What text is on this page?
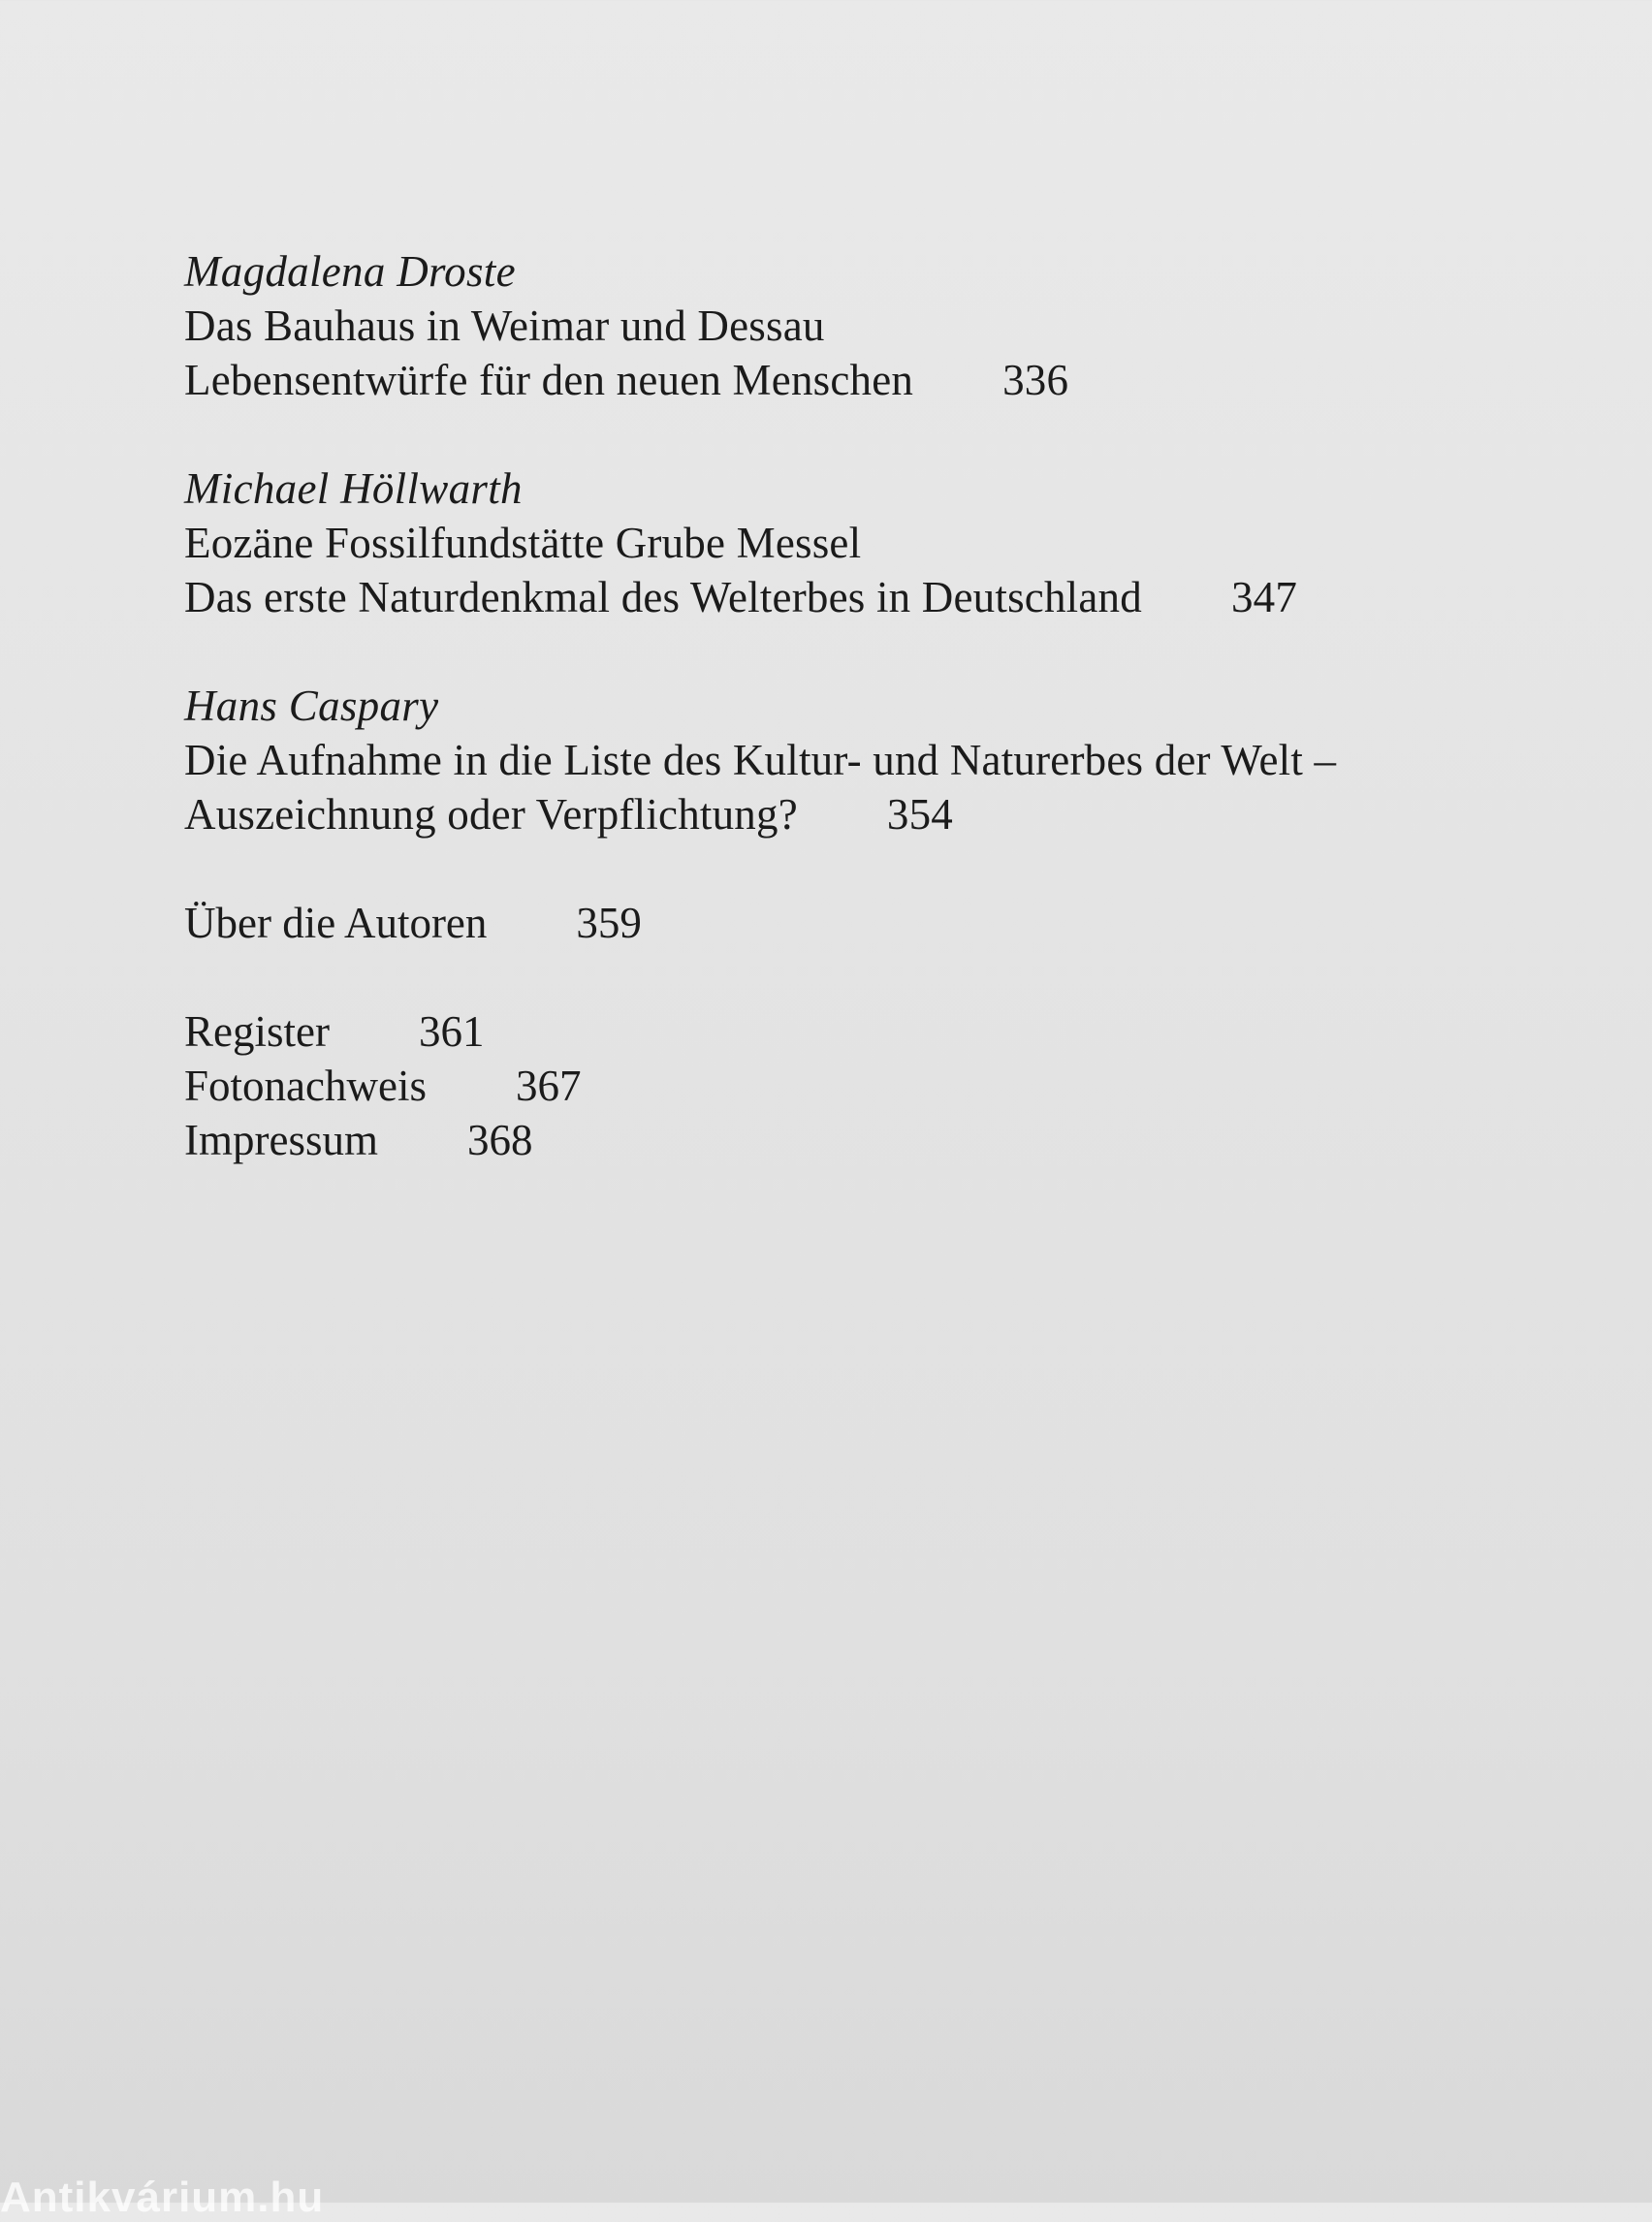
Magdalena Droste
Das Bauhaus in Weimar und Dessau
Lebensentwürfe für den neuen Menschen 336
Michael Höllwarth
Eozäne Fossilfundstätte Grube Messel
Das erste Naturdenkmal des Welterbes in Deutschland 347
Hans Caspary
Die Aufnahme in die Liste des Kultur- und Naturerbes der Welt –
Auszeichnung oder Verpflichtung? 354
Über die Autoren 359
Register 361
Fotonachweis 367
Impressum 368
Antikvárium.hu
